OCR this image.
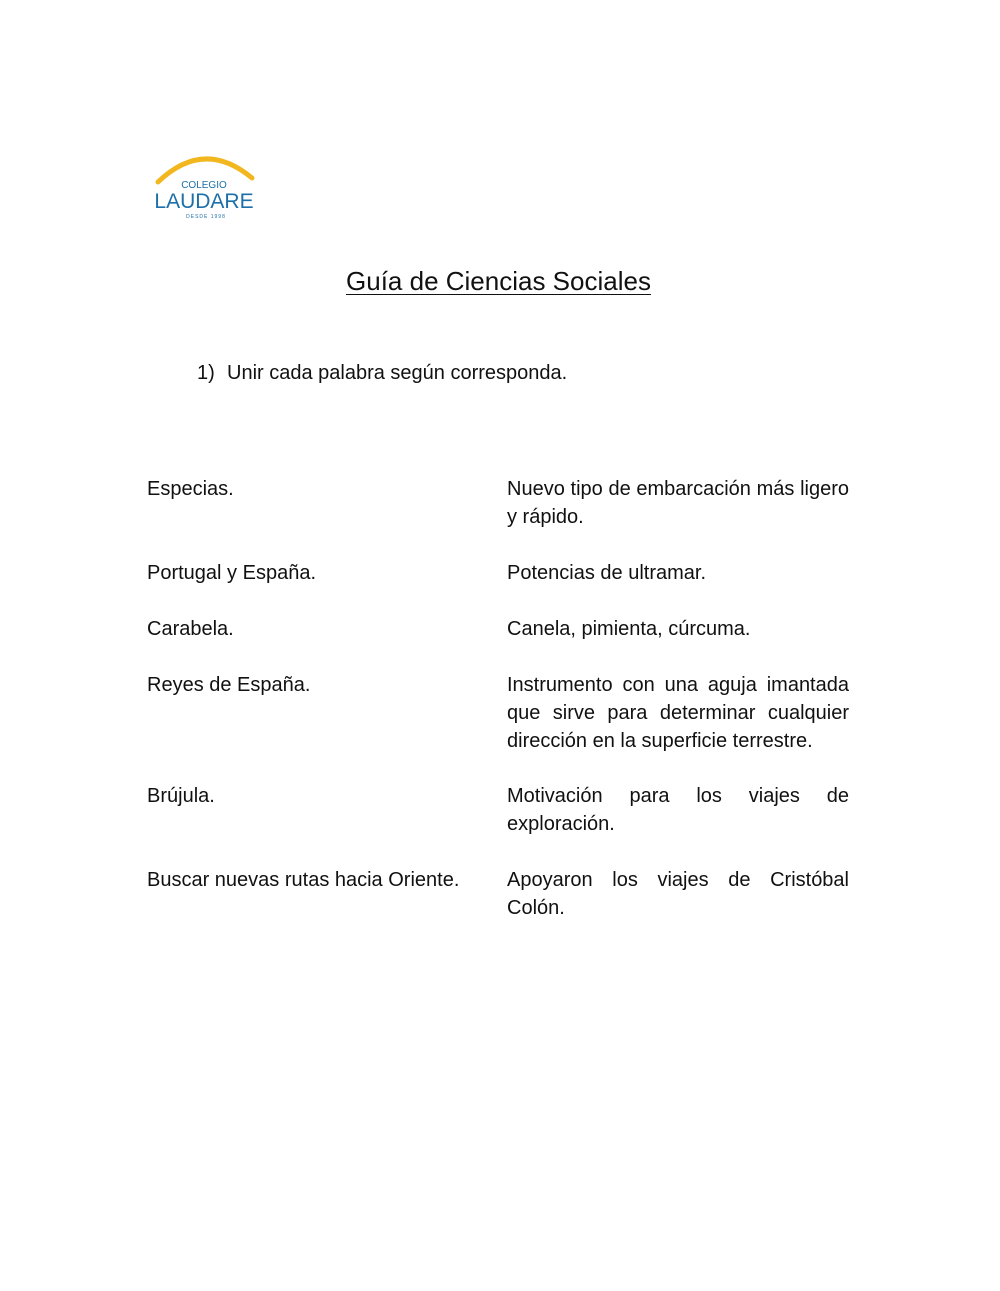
COLEGIO
LAUDARE
DESDE 1998
Guía de Ciencias Sociales
1) Unir cada palabra según corresponda.
Especias.
Portugal y España.
Carabela.
Reyes de España.
Brújula.
Buscar nuevas rutas hacia Oriente.
Nuevo tipo de embarcación más ligero y rápido.
Potencias de ultramar.
Canela, pimienta, cúrcuma.
Instrumento con una aguja imantada que sirve para determinar cualquier dirección en la superficie terrestre.
Motivación para los viajes de exploración.
Apoyaron los viajes de Cristóbal Colón.
